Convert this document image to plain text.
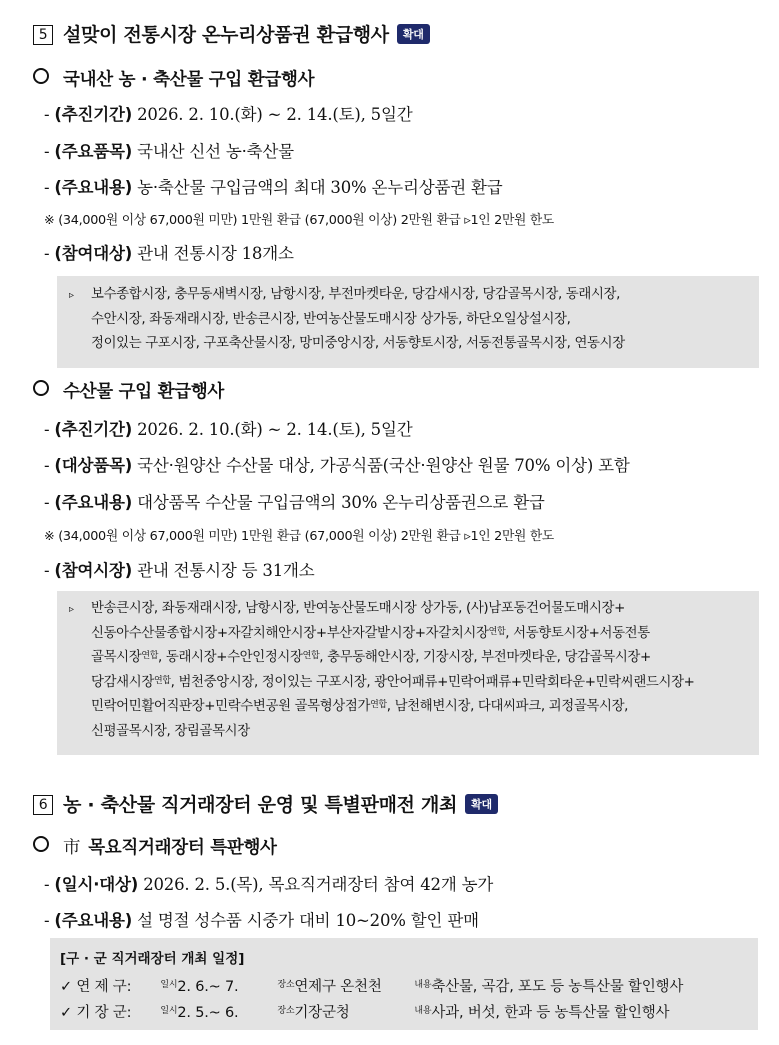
5 설맞이 전통시장 온누리상품권 환급행사 확대
국내산 농 · 축산물 구입 환급행사
- (추진기간) 2026. 2. 10.(화) ~ 2. 14.(토), 5일간
- (주요품목) 국내산 신선 농·축산물
- (주요내용) 농·축산물 구입금액의 최대 30% 온누리상품권 환급
※ (34,000원 이상 67,000원 미만) 1만원 환급 (67,000원 이상) 2만원 환급 ▹1인 2만원 한도
- (참여대상) 관내 전통시장 18개소
▹ 보수종합시장, 충무동새벽시장, 남항시장, 부전마켓타운, 당감새시장, 당감골목시장, 동래시장,
수안시장, 좌동재래시장, 반송큰시장, 반여농산물도매시장 상가동, 하단오일상설시장,
정이있는 구포시장, 구포축산물시장, 망미중앙시장, 서동향토시장, 서동전통골목시장, 연동시장
수산물 구입 환급행사
- (추진기간) 2026. 2. 10.(화) ~ 2. 14.(토), 5일간
- (대상품목) 국산·원양산 수산물 대상, 가공식품(국산·원양산 원물 70% 이상) 포함
- (주요내용) 대상품목 수산물 구입금액의 30% 온누리상품권으로 환급
※ (34,000원 이상 67,000원 미만) 1만원 환급 (67,000원 이상) 2만원 환급 ▹1인 2만원 한도
- (참여시장) 관내 전통시장 등 31개소
▹ 반송큰시장, 좌동재래시장, 남항시장, 반여농산물도매시장 상가동, (사)남포동건어물도매시장+
신동아수산물종합시장+자갈치해안시장+부산자갈밭시장+자갈치시장$^{연합}$, 서동향토시장+서동전통
골목시장$^{연합}$, 동래시장+수안인정시장$^{연합}$, 충무동해안시장, 기장시장, 부전마켓타운, 당감골목시장+
당감새시장$^{연합}$, 범천중앙시장, 정이있는 구포시장, 광안어패류+민락어패류+민락회타운+민락씨랜드시장+
민락어민활어직판장+민락수변공원 골목형상점가$^{연합}$, 남천해변시장, 다대씨파크, 괴정골목시장,
신평골목시장, 장림골목시장
6 농 · 축산물 직거래장터 운영 및 특별판매전 개최 확대
市 목요직거래장터 특판행사
- (일시·대상) 2026. 2. 5.(목), 목요직거래장터 참여 42개 농가
- (주요내용) 설 명절 성수품 시중가 대비 10~20% 할인 판매
[구 · 군 직거래장터 개최 일정]
✓ 연 제 구:	$^{일시}$2. 6.~ 7.	$^{장소}$연제구 온천천	$^{내용}$축산물, 곡감, 포도 등 농특산물 할인행사
✓ 기 장 군:	$^{일시}$2. 5.~ 6.	$^{장소}$기장군청	$^{내용}$사과, 버섯, 한과 등 농특산물 할인행사
